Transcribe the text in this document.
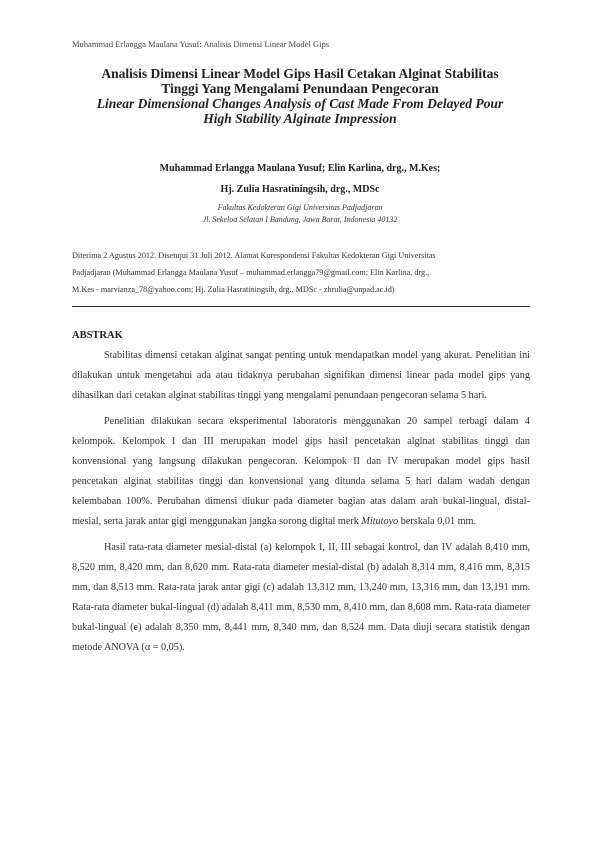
Muhammad Erlangga Maulana Yusuf: Analisis Dimensi Linear Model Gips
Analisis Dimensi Linear Model Gips Hasil Cetakan Alginat Stabilitas
Tinggi Yang Mengalami Penundaan Pengecoran
Linear Dimensional Changes Analysis of Cast Made From Delayed Pour
High Stability Alginate Impression
Muhammad Erlangga Maulana Yusuf; Elin Karlina, drg., M.Kes;
Hj. Zulia Hasratiningsih, drg., MDSc
Fakultas Kedokteran Gigi Universitas Padjadjaran
Jl. Sekeloa Selatan I Bandung, Jawa Barat, Indonesia 40132
Diterima 2 Agustus 2012. Disetujui 31 Juli 2012. Alamat Korespondensi Fakultas Kedokteran Gigi Universitas
Padjadjaran (Muhammad Erlangga Maulana Yusuf – muhammad.erlangga79@gmail.com; Elin Karlina, drg.,
M.Kes - marvianza_78@yahoo.com; Hj. Zulia Hasratiningsih, drg., MDSc - zhrulia@unpad.ac.id)
ABSTRAK

Stabilitas dimensi cetakan alginat sangat penting untuk mendapatkan model yang akurat. Penelitian ini dilakukan untuk mengetahui ada atau tidaknya perubahan signifikan dimensi linear pada model gips yang dihasilkan dari cetakan alginat stabilitas tinggi yang mengalami penundaan pengecoran selama 5 hari.

Penelitian dilakukan secara eksperimental laboratoris menggunakan 20 sampel terbagi dalam 4 kelompok. Kelompok I dan III merupakan model gips hasil pencetakan alginat stabilitas tinggi dan konvensional yang langsung dilakukan pengecoran. Kelompok II dan IV merupakan model gips hasil pencetakan alginat stabilitas tinggi dan konvensional yang ditunda selama 5 hari dalam wadah dengan kelembaban 100%. Perubahan dimensi diukur pada diameter bagian atas dalam arah bukal-lingual, distal-mesial, serta jarak antar gigi menggunakan jangka sorong digital merk Mitutoyo berskala 0,01 mm.

Hasil rata-rata diameter mesial-distal (a) kelompok I, II, III sebagai kontrol, dan IV adalah 8,410 mm, 8,520 mm, 8,420 mm, dan 8,620 mm. Rata-rata diameter mesial-distal (b) adalah 8,314 mm, 8,416 mm, 8,315 mm, dan 8,513 mm. Rata-rata jarak antar gigi (c) adalah 13,312 mm, 13,240 mm, 13,316 mm, dan 13,191 mm. Rata-rata diameter bukal-lingual (d) adalah 8,411 mm, 8,530 mm, 8,410 mm, dan 8,608 mm. Rata-rata diameter bukal-lingual (e) adalah 8,350 mm, 8,441 mm, 8,340 mm, dan 8,524 mm. Data diuji secara statistik dengan metode ANOVA (α = 0,05).
